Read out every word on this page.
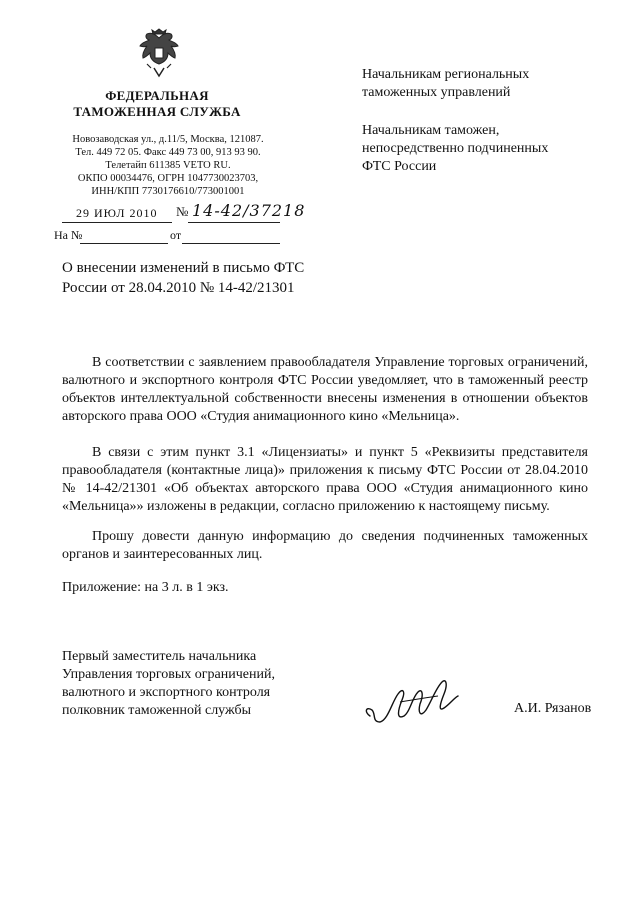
ФЕДЕРАЛЬНАЯ
ТАМОЖЕННАЯ СЛУЖБА
Новозаводская ул., д.11/5, Москва, 121087.
Тел. 449 72 05. Факс 449 73 00, 913 93 90.
Телетайп 611385 VETO RU.
ОКПО 00034476, ОГРН 1047730023703,
ИНН/КПП 7730176610/773001001
29 ИЮЛ 2010 № 14-42/37218
На №	от
Начальникам региональных
таможенных управлений
Начальникам таможен,
непосредственно подчиненных
ФТС России
О внесении изменений в письмо ФТС
России от 28.04.2010 № 14-42/21301
В соответствии с заявлением правообладателя Управление торговых ограничений, валютного и экспортного контроля ФТС России уведомляет, что в таможенный реестр объектов интеллектуальной собственности внесены изменения в отношении объектов авторского права ООО «Студия анимационного кино «Мельница».
В связи с этим пункт 3.1 «Лицензиаты» и пункт 5 «Реквизиты представителя правообладателя (контактные лица)» приложения к письму ФТС России от 28.04.2010 № 14-42/21301 «Об объектах авторского права ООО «Студия анимационного кино «Мельница»» изложены в редакции, согласно приложению к настоящему письму.
Прошу довести данную информацию до сведения подчиненных таможенных органов и заинтересованных лиц.
Приложение: на 3 л. в 1 экз.
Первый заместитель начальника
Управления торговых ограничений,
валютного и экспортного контроля
полковник таможенной службы	А.И. Рязанов
